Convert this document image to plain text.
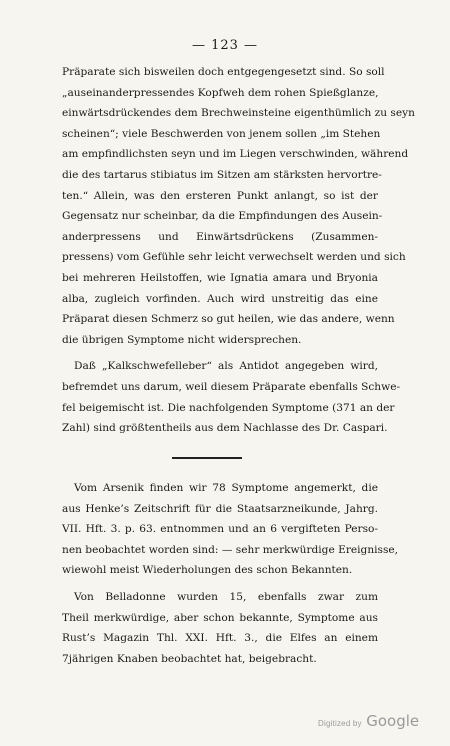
— 123 —
Präparate sich bisweilen doch entgegengesetzt sind. So soll
„auseinanderpressendes Kopfweh dem rohen Spießglanze,
einwärtsdrückendes dem Brechweinsteine eigenthümlich zu seyn
scheinen“; viele Beschwerden von jenem sollen „im Stehen
am empfindlichsten seyn und im Liegen verschwinden, während
die des tartarus stibiatus im Sitzen am stärksten hervortre-
ten.“ Allein, was den ersteren Punkt anlangt, so ist der
Gegensatz nur scheinbar, da die Empfindungen des Ausein-
anderpressens und Einwärtsdrückens (Zusammen-
pressens) vom Gefühle sehr leicht verwechselt werden und sich
bei mehreren Heilstoffen, wie Ignatia amara und Bryonia
alba, zugleich vorfinden. Auch wird unstreitig das eine
Präparat diesen Schmerz so gut heilen, wie das andere, wenn
die übrigen Symptome nicht widersprechen.
Daß „Kalkschwefelleber“ als Antidot angegeben wird,
befremdet uns darum, weil diesem Präparate ebenfalls Schwe-
fel beigemischt ist. Die nachfolgenden Symptome (371 an der
Zahl) sind größtentheils aus dem Nachlasse des Dr. Caspari.
Vom Arsenik finden wir 78 Symptome angemerkt, die
aus Henke’s Zeitschrift für die Staatsarzneikunde, Jahrg.
VII. Hft. 3. p. 63. entnommen und an 6 vergifteten Perso-
nen beobachtet worden sind: — sehr merkwürdige Ereignisse,
wiewohl meist Wiederholungen des schon Bekannten.
Von Belladonne wurden 15, ebenfalls zwar zum
Theil merkwürdige, aber schon bekannte, Symptome aus
Rust’s Magazin Thl. XXI. Hft. 3., die Elfes an einem
7jährigen Knaben beobachtet hat, beigebracht.
Digitized by Google
